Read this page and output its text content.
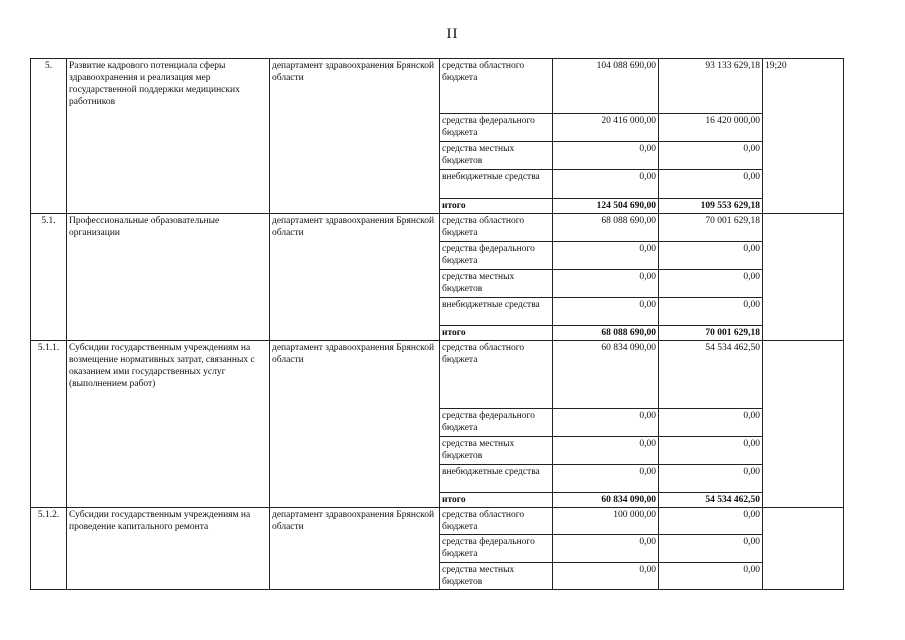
II
5.	Развитие кадрового потенциала сферы здравоохранения и реализация мер государственной поддержки медицинских работников	департамент здравоохранения Брянской области	средства областного бюджета	104 088 690,00	93 133 629,18	19;20
			средства федерального бюджета	20 416 000,00	16 420 000,00	
			средства местных бюджетов	0,00	0,00	
			внебюджетные средства	0,00	0,00	
			итого	124 504 690,00	109 553 629,18	
5.1.	Профессиональные образовательные организации	департамент здравоохранения Брянской области	средства областного бюджета	68 088 690,00	70 001 629,18	
			средства федерального бюджета	0,00	0,00	
			средства местных бюджетов	0,00	0,00	
			внебюджетные средства	0,00	0,00	
			итого	68 088 690,00	70 001 629,18	
5.1.1.	Субсидии государственным учреждениям на возмещение нормативных затрат, связанных с оказанием ими государственных услуг (выполнением работ)	департамент здравоохранения Брянской области	средства областного бюджета	60 834 090,00	54 534 462,50	
			средства федерального бюджета	0,00	0,00	
			средства местных бюджетов	0,00	0,00	
			внебюджетные средства	0,00	0,00	
			итого	60 834 090,00	54 534 462,50	
5.1.2.	Субсидии государственным учреждениям на проведение капитального ремонта	департамент здравоохранения Брянской области	средства областного бюджета	100 000,00	0,00	
			средства федерального бюджета	0,00	0,00	
			средства местных бюджетов	0,00	0,00	
